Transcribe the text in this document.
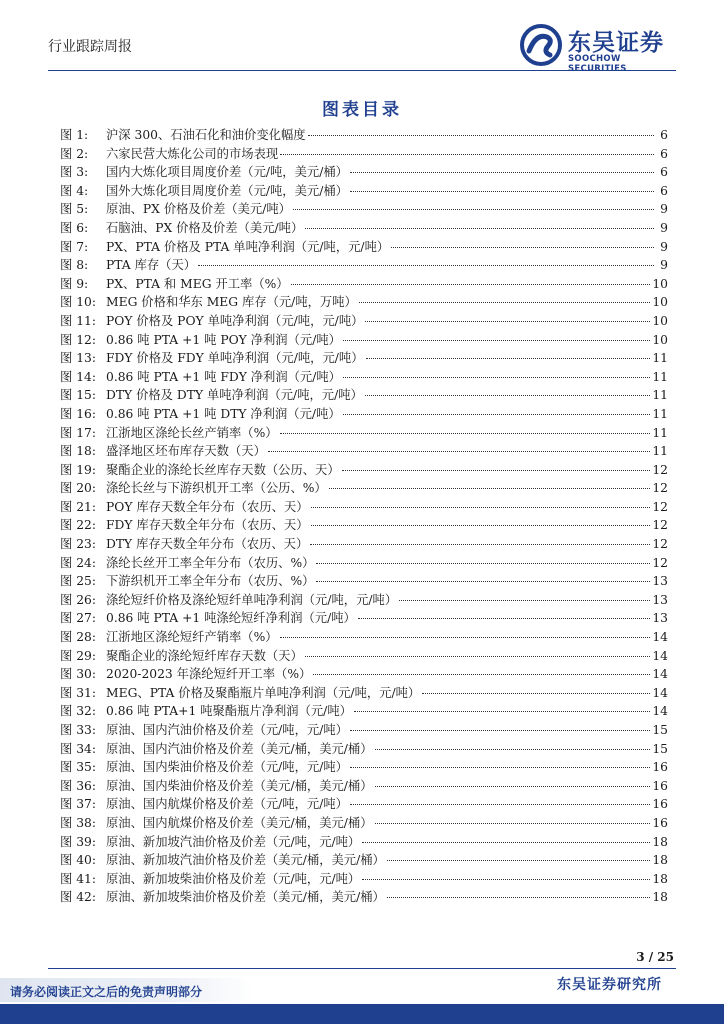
行业跟踪周报	东吴证券
SOOCHOW SECURITIES
图表目录
图 1:	沪深 300、石油石化和油价变化幅度	6
图 2:	六家民营大炼化公司的市场表现	6
图 3:	国内大炼化项目周度价差（元/吨，美元/桶）	6
图 4:	国外大炼化项目周度价差（元/吨，美元/桶）	6
图 5:	原油、PX 价格及价差（美元/吨）	9
图 6:	石脑油、PX 价格及价差（美元/吨）	9
图 7:	PX、PTA 价格及 PTA 单吨净利润（元/吨，元/吨）	9
图 8:	PTA 库存（天）	9
图 9:	PX、PTA 和 MEG 开工率（%）	10
图 10: MEG 价格和华东 MEG 库存（元/吨，万吨）	10
图 11: POY 价格及 POY 单吨净利润（元/吨，元/吨）	10
图 12: 0.86 吨 PTA +1 吨 POY 净利润（元/吨）	10
图 13: FDY 价格及 FDY 单吨净利润（元/吨，元/吨）	11
图 14: 0.86 吨 PTA +1 吨 FDY 净利润（元/吨）	11
图 15: DTY 价格及 DTY 单吨净利润（元/吨，元/吨）	11
图 16: 0.86 吨 PTA +1 吨 DTY 净利润（元/吨）	11
图 17: 江浙地区涤纶长丝产销率（%）	11
图 18: 盛泽地区坯布库存天数（天）	11
图 19: 聚酯企业的涤纶长丝库存天数（公历、天）	12
图 20: 涤纶长丝与下游织机开工率（公历、%）	12
图 21: POY 库存天数全年分布（农历、天）	12
图 22: FDY 库存天数全年分布（农历、天）	12
图 23: DTY 库存天数全年分布（农历、天）	12
图 24: 涤纶长丝开工率全年分布（农历、%）	12
图 25: 下游织机开工率全年分布（农历、%）	13
图 26: 涤纶短纤价格及涤纶短纤单吨净利润（元/吨，元/吨）	13
图 27: 0.86 吨 PTA +1 吨涤纶短纤净利润（元/吨）	13
图 28: 江浙地区涤纶短纤产销率（%）	14
图 29: 聚酯企业的涤纶短纤库存天数（天）	14
图 30: 2020-2023 年涤纶短纤开工率（%）	14
图 31: MEG、PTA 价格及聚酯瓶片单吨净利润（元/吨，元/吨）	14
图 32: 0.86 吨 PTA+1 吨聚酯瓶片净利润（元/吨）	14
图 33: 原油、国内汽油价格及价差（元/吨，元/吨）	15
图 34: 原油、国内汽油价格及价差（美元/桶，美元/桶）	15
图 35: 原油、国内柴油价格及价差（元/吨，元/吨）	16
图 36: 原油、国内柴油价格及价差（美元/桶，美元/桶）	16
图 37: 原油、国内航煤价格及价差（元/吨，元/吨）	16
图 38: 原油、国内航煤价格及价差（美元/桶，美元/桶）	16
图 39: 原油、新加坡汽油价格及价差（元/吨，元/吨）	18
图 40: 原油、新加坡汽油价格及价差（美元/桶，美元/桶）	18
图 41: 原油、新加坡柴油价格及价差（元/吨，元/吨）	18
图 42: 原油、新加坡柴油价格及价差（美元/桶，美元/桶）	18
3 / 25
请务必阅读正文之后的免责声明部分	东吴证券研究所
